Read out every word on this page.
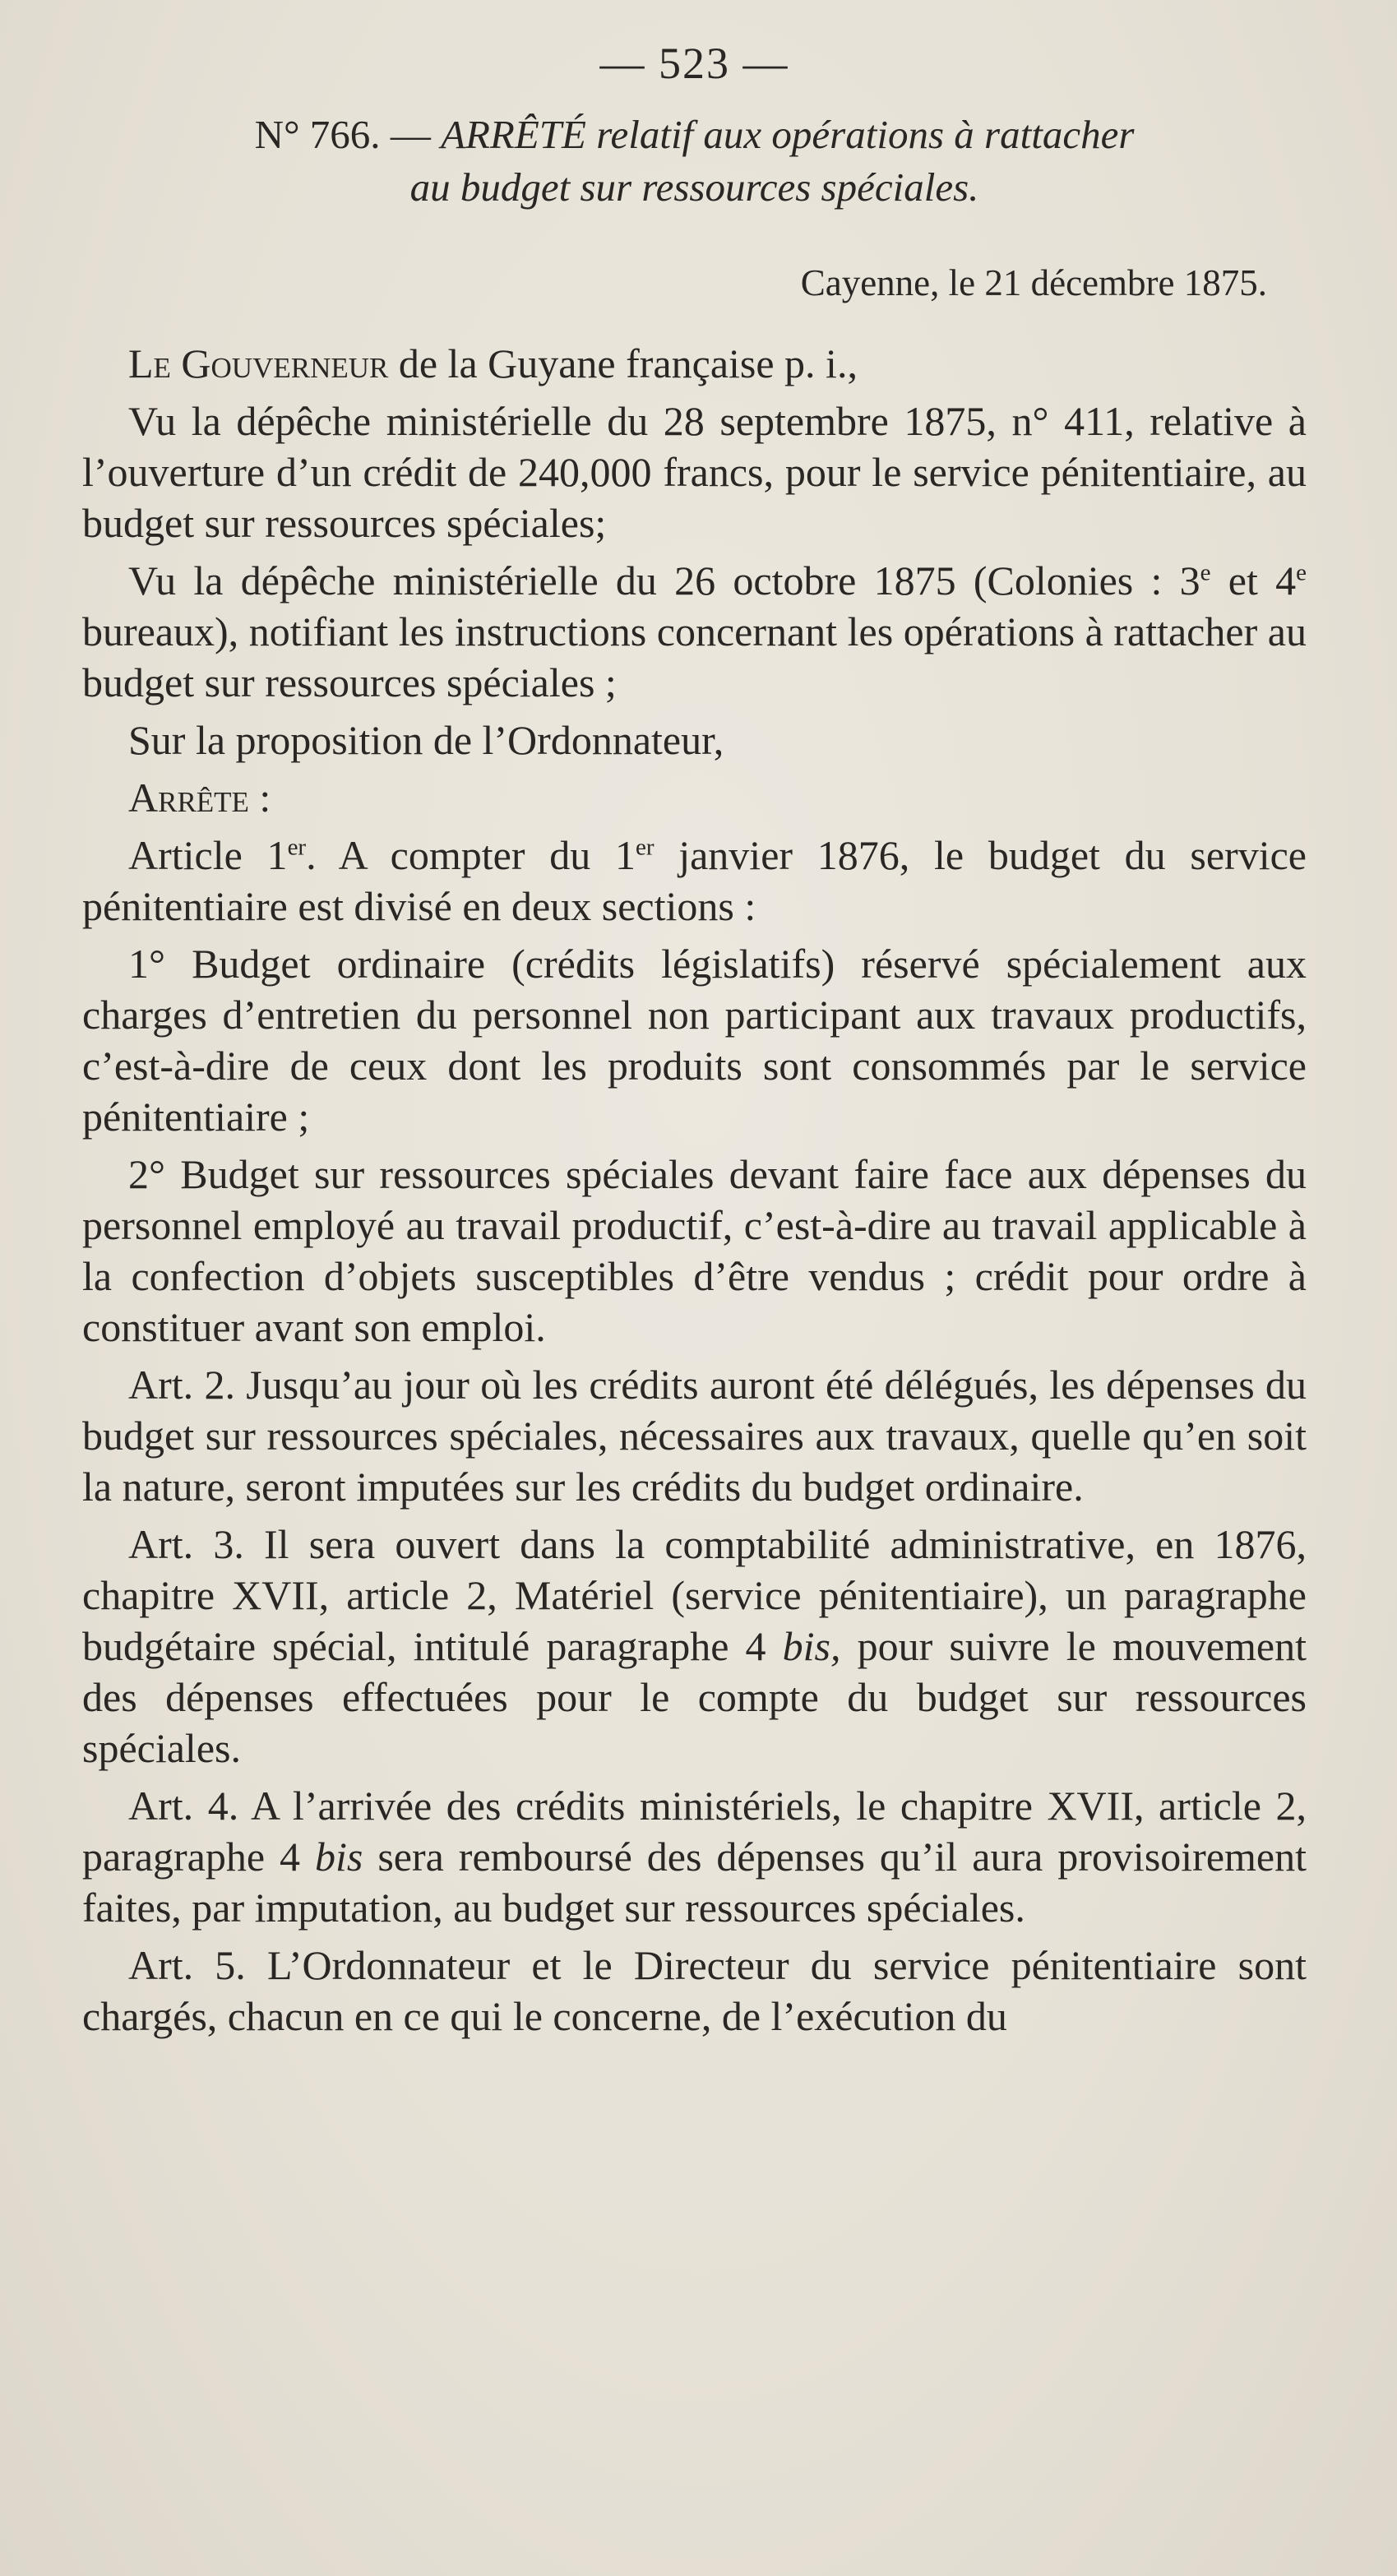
— 523 —
N° 766. — ARRÊTÉ relatif aux opérations à rattacher
au budget sur ressources spéciales.
Cayenne, le 21 décembre 1875.

Le Gouverneur de la Guyane française p. i.,

Vu la dépêche ministérielle du 28 septembre 1875, n° 411, relative à l’ouverture d’un crédit de 240,000 francs, pour le service pénitentiaire, au budget sur ressources spéciales;

Vu la dépêche ministérielle du 26 octobre 1875 (Colonies : 3e et 4e bureaux), notifiant les instructions concernant les opérations à rattacher au budget sur ressources spéciales ;

Sur la proposition de l’Ordonnateur,

Arrête :

Article 1er. A compter du 1er janvier 1876, le budget du service pénitentiaire est divisé en deux sections :

1° Budget ordinaire (crédits législatifs) réservé spécialement aux charges d’entretien du personnel non participant aux travaux productifs, c’est-à-dire de ceux dont les produits sont consommés par le service pénitentiaire ;

2° Budget sur ressources spéciales devant faire face aux dépenses du personnel employé au travail productif, c’est-à-dire au travail applicable à la confection d’objets susceptibles d’être vendus ; crédit pour ordre à constituer avant son emploi.

Art. 2. Jusqu’au jour où les crédits auront été délégués, les dépenses du budget sur ressources spéciales, nécessaires aux travaux, quelle qu’en soit la nature, seront imputées sur les crédits du budget ordinaire.

Art. 3. Il sera ouvert dans la comptabilité administrative, en 1876, chapitre XVII, article 2, Matériel (service pénitentiaire), un paragraphe budgétaire spécial, intitulé paragraphe 4 bis, pour suivre le mouvement des dépenses effectuées pour le compte du budget sur ressources spéciales.

Art. 4. A l’arrivée des crédits ministériels, le chapitre XVII, article 2, paragraphe 4 bis sera remboursé des dépenses qu’il aura provisoirement faites, par imputation, au budget sur ressources spéciales.

Art. 5. L’Ordonnateur et le Directeur du service pénitentiaire sont chargés, chacun en ce qui le concerne, de l’exécution du
